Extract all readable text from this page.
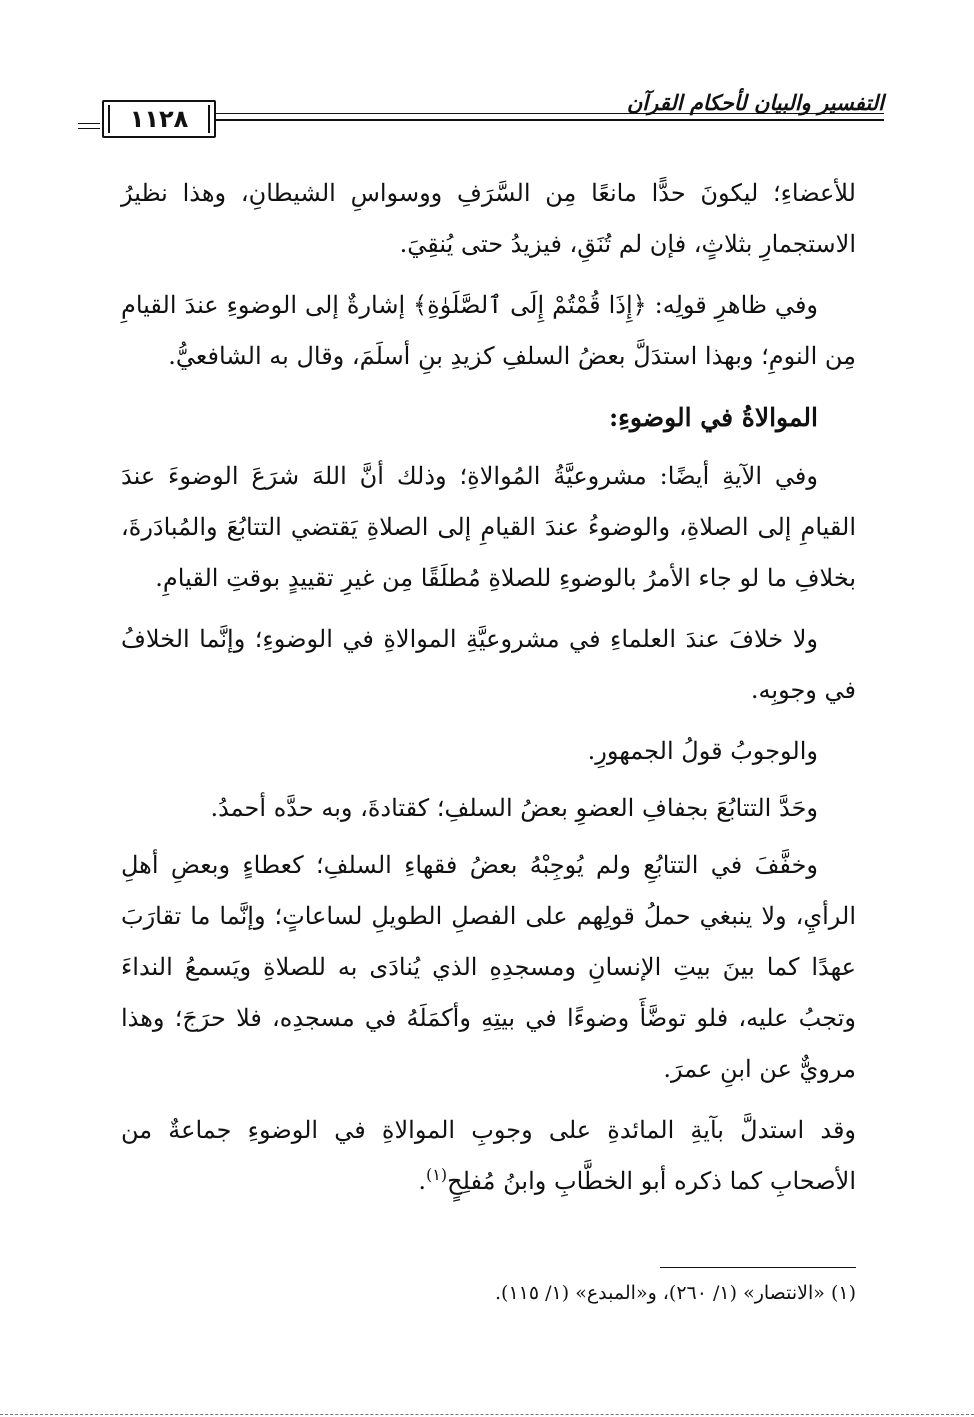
التفسير والبيان لأحكام القرآن
١١٢٨

للأعضاءِ؛ ليكونَ حدًّا مانعًا مِن السَّرَفِ ووسواسِ الشيطانِ، وهذا نظيرُ الاستجمارِ بثلاثٍ، فإن لم تُنَقِ، فيزيدُ حتى يُنقِيَ.

وفي ظاهرِ قولِه: ﴿إِذَا قُمْتُمْ إِلَى ٱلصَّلَوٰةِ﴾ إشارةٌ إلى الوضوءِ عندَ القيامِ مِن النومِ؛ وبهذا استدَلَّ بعضُ السلفِ كزيدِ بنِ أسلَمَ، وقال به الشافعيُّ.

الموالاةُ في الوضوءِ:

وفي الآيةِ أيضًا: مشروعيَّةُ المُوالاةِ؛ وذلك أنَّ اللهَ شرَعَ الوضوءَ عندَ القيامِ إلى الصلاةِ، والوضوءُ عندَ القيامِ إلى الصلاةِ يَقتضي التتابُعَ والمُبادَرةَ، بخلافِ ما لو جاء الأمرُ بالوضوءِ للصلاةِ مُطلَقًا مِن غيرِ تقييدٍ بوقتِ القيامِ.

ولا خلافَ عندَ العلماءِ في مشروعيَّةِ الموالاةِ في الوضوءِ؛ وإنَّما الخلافُ في وجوبِه.

والوجوبُ قولُ الجمهورِ.

وحَدَّ التتابُعَ بجفافِ العضوِ بعضُ السلفِ؛ كقتادةَ، وبه حدَّه أحمدُ.

وخفَّفَ في التتابُعِ ولم يُوجِبْهُ بعضُ فقهاءِ السلفِ؛ كعطاءٍ وبعضِ أهلِ الرأيِ، ولا ينبغي حملُ قولِهم على الفصلِ الطويلِ لساعاتٍ؛ وإنَّما ما تقارَبَ عهدًا كما بينَ بيتِ الإنسانِ ومسجدِهِ الذي يُنادَى به للصلاةِ ويَسمعُ النداءَ وتجبُ عليه، فلو توضَّأَ وضوءًا في بيتِهِ وأكمَلَهُ في مسجدِه، فلا حرَجَ؛ وهذا مرويٌّ عن ابنِ عمرَ.

وقد استدلَّ بآيةِ المائدةِ على وجوبِ الموالاةِ في الوضوءِ جماعةٌ من الأصحابِ كما ذكره أبو الخطَّابِ وابنُ مُفلِحٍ$^{(١)}$.

(١) «الانتصار» (١/ ٢٦٠)، و«المبدع» (١/ ١١٥).
